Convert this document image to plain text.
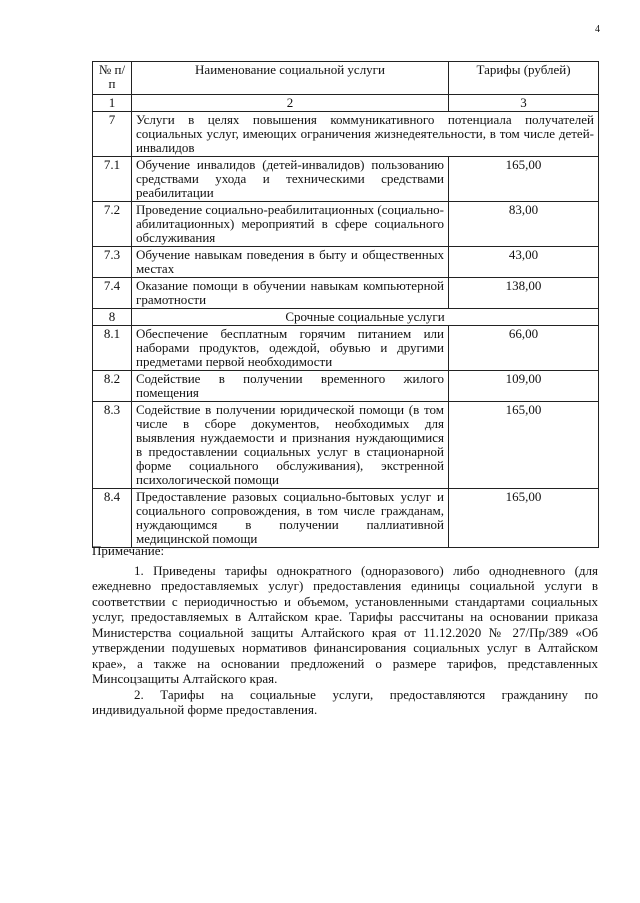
4
№ п/п	Наименование социальной услуги	Тарифы (рублей)
1	2	3
7	Услуги в целях повышения коммуникативного потенциала получателей социальных услуг, имеющих ограничения жизнедеятельности, в том числе детей-инвалидов	
7.1	Обучение инвалидов (детей-инвалидов) пользованию средствами ухода и техническими средствами реабилитации	165,00
7.2	Проведение социально-реабилитационных (социально-абилитационных) мероприятий в сфере социального обслуживания	83,00
7.3	Обучение навыкам поведения в быту и общественных местах	43,00
7.4	Оказание помощи в обучении навыкам компьютерной грамотности	138,00
8	Срочные социальные услуги	
8.1	Обеспечение бесплатным горячим питанием или наборами продуктов, одеждой, обувью и другими предметами первой необходимости	66,00
8.2	Содействие в получении временного жилого помещения	109,00
8.3	Содействие в получении юридической помощи (в том числе в сборе документов, необходимых для выявления нуждаемости и признания нуждающимися в предоставлении социальных услуг в стационарной форме социального обслуживания), экстренной психологической помощи	165,00
8.4	Предоставление разовых социально-бытовых услуг и социального сопровождения, в том числе гражданам, нуждающимся в получении паллиативной медицинской помощи	165,00

Примечание:

1. Приведены тарифы однократного (одноразового) либо однодневного (для ежедневно предоставляемых услуг) предоставления единицы социальной услуги в соответствии с периодичностью и объемом, установленными стандартами социальных услуг, предоставляемых в Алтайском крае. Тарифы рассчитаны на основании приказа Министерства социальной защиты Алтайского края от 11.12.2020 № 27/Пр/389 «Об утверждении подушевых нормативов финансирования социальных услуг в Алтайском крае», а также на основании предложений о размере тарифов, представленных Минсоцзащиты Алтайского края.

2. Тарифы на социальные услуги, предоставляются гражданину по индивидуальной форме предоставления.
